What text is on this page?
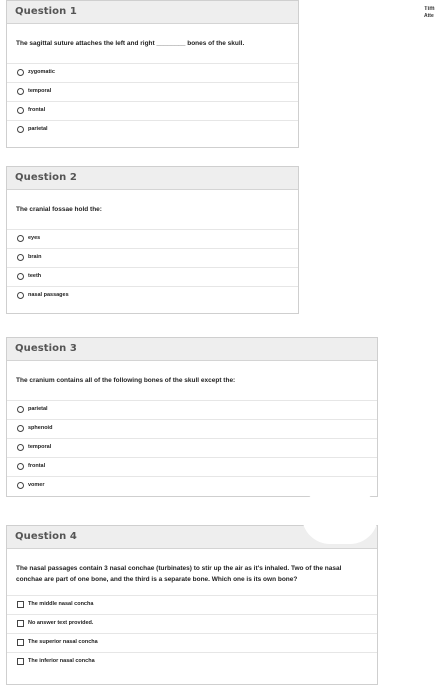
Tim
Atte
Question 1
The sagittal suture attaches the left and right ________ bones of the skull.
zygomatic
temporal
frontal
parietal
Question 2
The cranial fossae hold the:
eyes
brain
teeth
nasal passages
Question 3
The cranium contains all of the following bones of the skull except the:
parietal
sphenoid
temporal
frontal
vomer
Question 4
The nasal passages contain 3 nasal conchae (turbinates) to stir up the air as it's inhaled. Two of the nasal conchae are part of one bone, and the third is a separate bone. Which one is its own bone?
The middle nasal concha
No answer text provided.
The superior nasal concha
The inferior nasal concha
